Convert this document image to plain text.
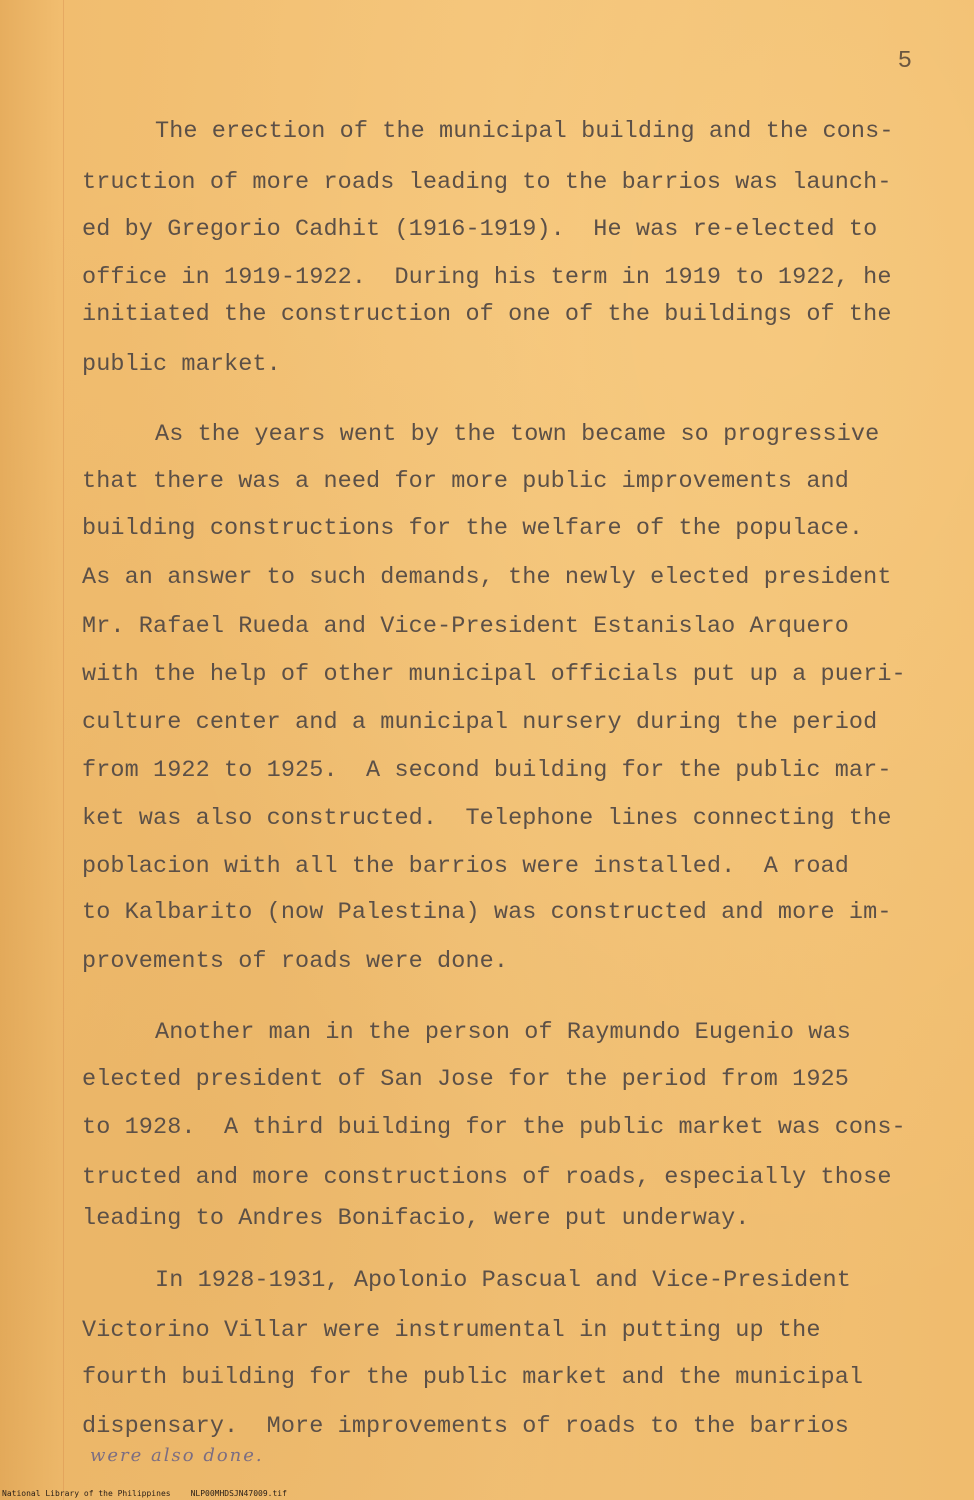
5
The erection of the municipal building and the cons-
truction of more roads leading to the barrios was launch-
ed by Gregorio Cadhit (1916-1919).  He was re-elected to
office in 1919-1922.  During his term in 1919 to 1922, he
initiated the construction of one of the buildings of the
public market.
As the years went by the town became so progressive
that there was a need for more public improvements and
building constructions for the welfare of the populace.
As an answer to such demands, the newly elected president
Mr. Rafael Rueda and Vice-President Estanislao Arquero
with the help of other municipal officials put up a pueri-
culture center and a municipal nursery during the period
from 1922 to 1925.  A second building for the public mar-
ket was also constructed.  Telephone lines connecting the
poblacion with all the barrios were installed.  A road
to Kalbarito (now Palestina) was constructed and more im-
provements of roads were done.
Another man in the person of Raymundo Eugenio was
elected president of San Jose for the period from 1925
to 1928.  A third building for the public market was cons-
tructed and more constructions of roads, especially those
leading to Andres Bonifacio, were put underway.
In 1928-1931, Apolonio Pascual and Vice-President
Victorino Villar were instrumental in putting up the
fourth building for the public market and the municipal
dispensary.  More improvements of roads to the barrios
were also done.
National Library of the Philippines	NLP00MHDSJN47009.tif
